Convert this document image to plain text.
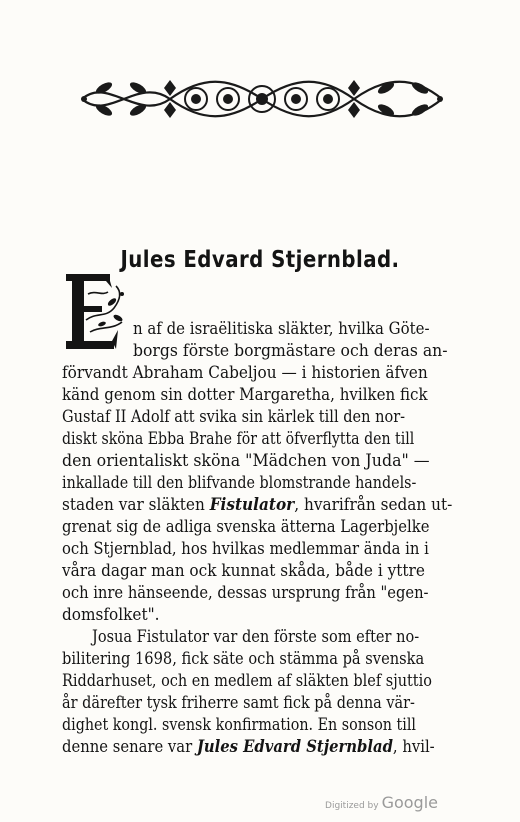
Jules Edvard Stjernblad.
n af de israëlitiska släkter, hvilka Göte-
borgs förste borgmästare och deras an-
förvandt Abraham Cabeljou — i historien äfven
känd genom sin dotter Margaretha, hvilken fick
Gustaf II Adolf att svika sin kärlek till den nor-
diskt sköna Ebba Brahe för att öfverflytta den till
den orientaliskt sköna "Mädchen von Juda" —
inkallade till den blifvande blomstrande handels-
staden var släkten Fistulator, hvarifrån sedan ut-
grenat sig de adliga svenska ätterna Lagerbjelke
och Stjernblad, hos hvilkas medlemmar ända in i
våra dagar man ock kunnat skåda, både i yttre
och inre hänseende, dessas ursprung från "egen-
domsfolket".
Josua Fistulator var den förste som efter no-
bilitering 1698, fick säte och stämma på svenska
Riddarhuset, och en medlem af släkten blef sjuttio
år därefter tysk friherre samt fick på denna vär-
dighet kongl. svensk konfirmation. En sonson till
denne senare var Jules Edvard Stjernblad, hvil-
Digitized by Google
